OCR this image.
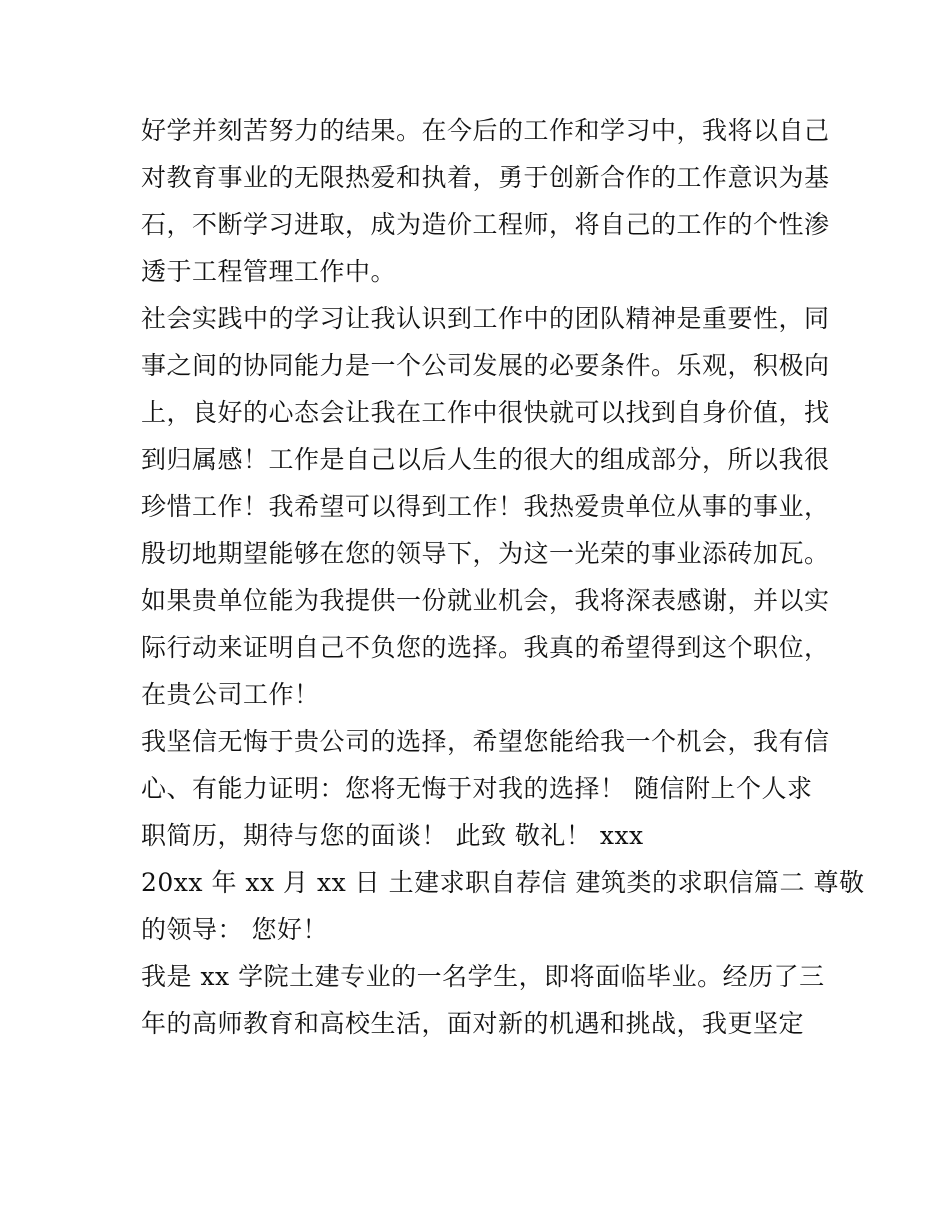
好学并刻苦努力的结果。在今后的工作和学习中，我将以自己
对教育事业的无限热爱和执着，勇于创新合作的工作意识为基
石，不断学习进取，成为造价工程师，将自己的工作的个性渗
透于工程管理工作中。
社会实践中的学习让我认识到工作中的团队精神是重要性，同
事之间的协同能力是一个公司发展的必要条件。乐观，积极向
上，良好的心态会让我在工作中很快就可以找到自身价值，找
到归属感！工作是自己以后人生的很大的组成部分，所以我很
珍惜工作！我希望可以得到工作！我热爱贵单位从事的事业，
殷切地期望能够在您的领导下，为这一光荣的事业添砖加瓦。
如果贵单位能为我提供一份就业机会，我将深表感谢，并以实
际行动来证明自己不负您的选择。我真的希望得到这个职位，
在贵公司工作！
我坚信无悔于贵公司的选择，希望您能给我一个机会，我有信
心、有能力证明：您将无悔于对我的选择！ 随信附上个人求
职简历，期待与您的面谈！ 此致 敬礼！ xxx
20xx 年 xx 月 xx 日 土建求职自荐信 建筑类的求职信篇二 尊敬
的领导： 您好！
我是 xx 学院土建专业的一名学生，即将面临毕业。经历了三
年的高师教育和高校生活，面对新的机遇和挑战，我更坚定
